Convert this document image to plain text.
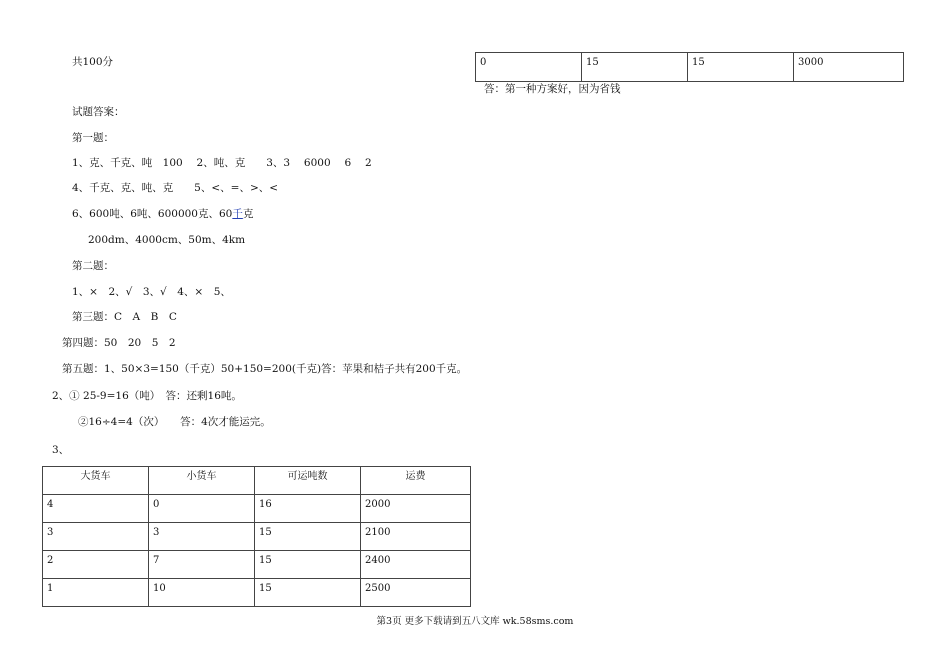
共100分
试题答案：
第一题：
1、克、千克、吨　100　 2、吨、克　　3、3　 6000　 6　 2
4、千克、克、吨、克　　5、<、=、>、<
6、600吨、6吨、600000克、60千克
200dm、4000cm、50m、4km
第二题：
1、×　2、√　3、√　4、×　5、
第三题：C　A　B　C
第四题：50　20　5　2
第五题：1、50×3=150（千克）50+150=200(千克)答：苹果和桔子共有200千克。
2、① 25-9=16（吨）　答：还剩16吨。
②16÷4=4（次）　　答：4次才能运完。
3、
大货车	小货车	可运吨数	运费
4	0	16	2000
3	3	15	2100
2	7	15	2400
1	10	15	2500
0	15	15	3000
答：第一种方案好，因为省钱
第3页 更多下载请到五八文库 wk.58sms.com
